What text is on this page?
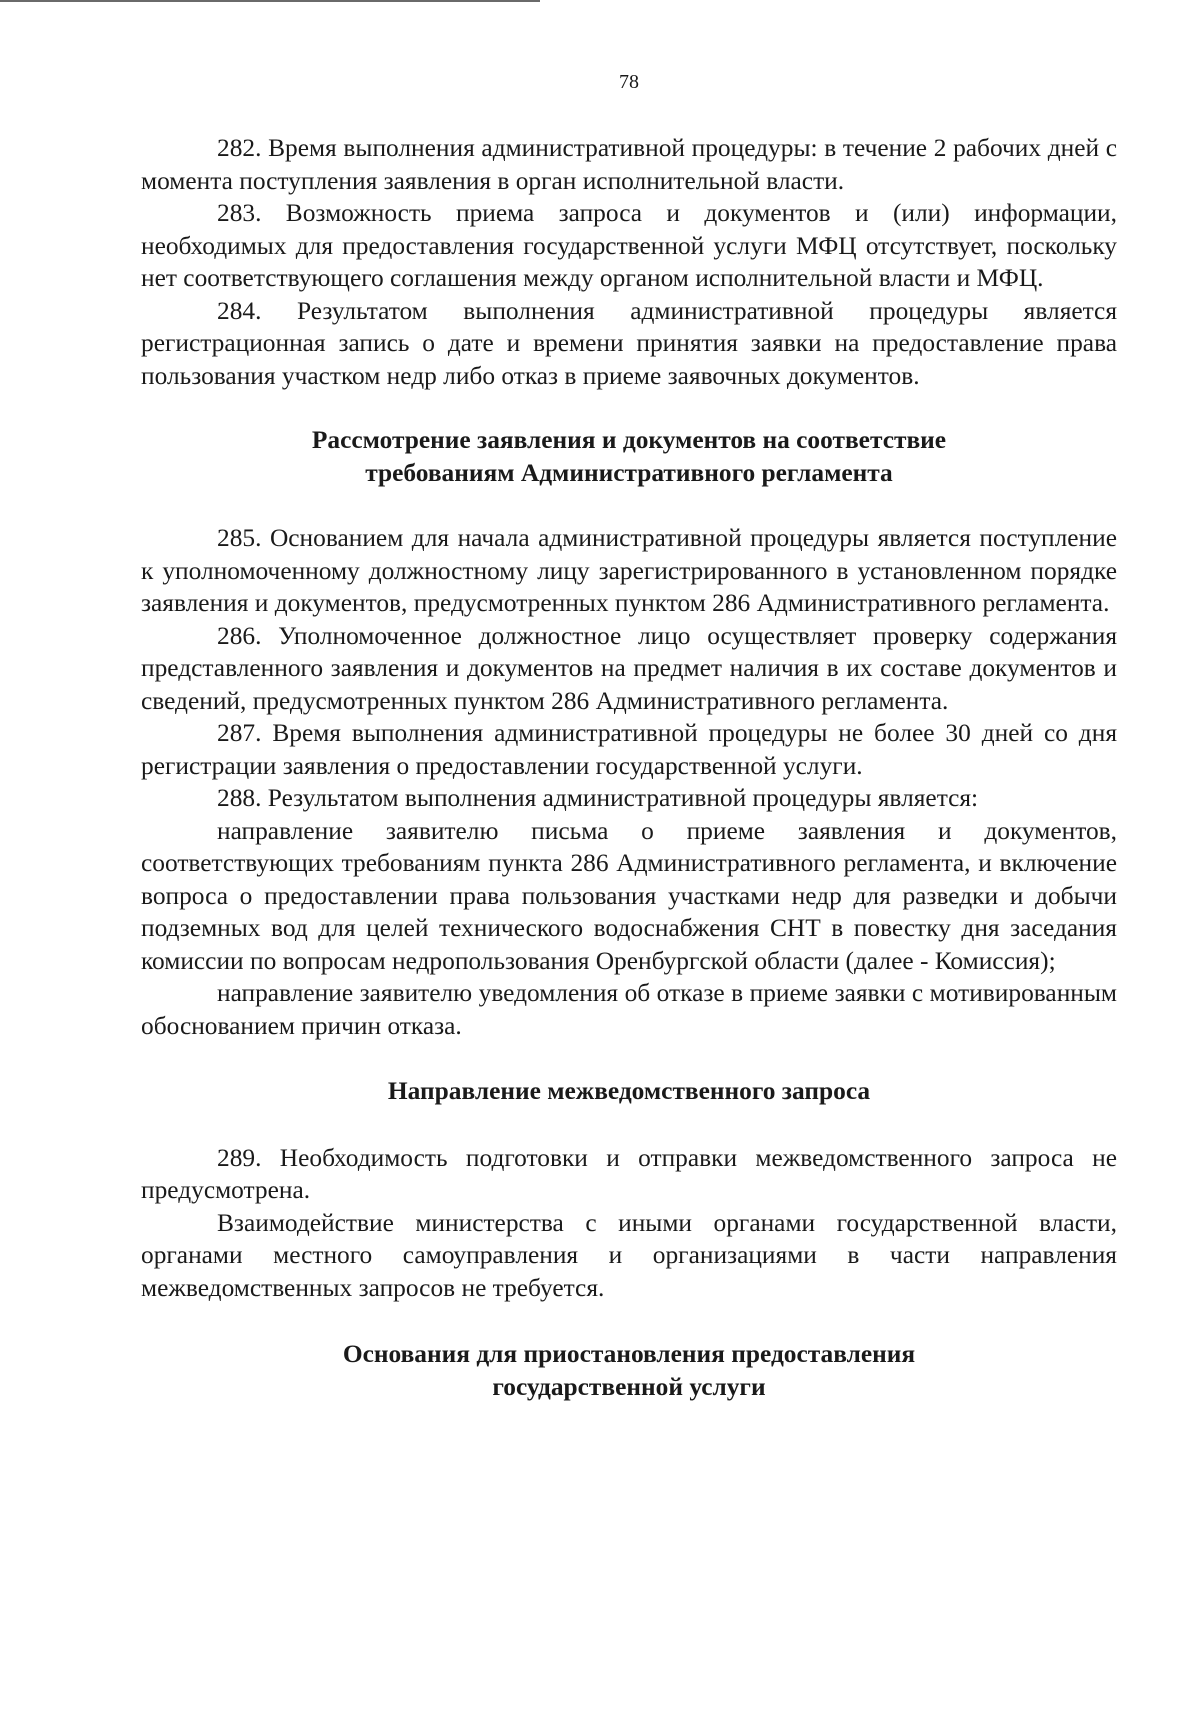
78

282. Время выполнения административной процедуры: в течение 2 рабочих дней с момента поступления заявления в орган исполнительной власти.

283. Возможность приема запроса и документов и (или) информации, необходимых для предоставления государственной услуги МФЦ отсутствует, поскольку нет соответствующего соглашения между органом исполнительной власти и МФЦ.

284. Результатом выполнения административной процедуры является регистрационная запись о дате и времени принятия заявки на предоставление права пользования участком недр либо отказ в приеме заявочных документов.

Рассмотрение заявления и документов на соответствие
требованиям Административного регламента

285. Основанием для начала административной процедуры является поступление к уполномоченному должностному лицу зарегистрированного в установленном порядке заявления и документов, предусмотренных пунктом 286 Административного регламента.

286. Уполномоченное должностное лицо осуществляет проверку содержания представленного заявления и документов на предмет наличия в их составе документов и сведений, предусмотренных пунктом 286 Административного регламента.

287. Время выполнения административной процедуры не более 30 дней со дня регистрации заявления о предоставлении государственной услуги.

288. Результатом выполнения административной процедуры является:

направление заявителю письма о приеме заявления и документов, соответствующих требованиям пункта 286 Административного регламента, и включение вопроса о предоставлении права пользования участками недр для разведки и добычи подземных вод для целей технического водоснабжения СНТ в повестку дня заседания комиссии по вопросам недропользования Оренбургской области (далее - Комиссия);

направление заявителю уведомления об отказе в приеме заявки с мотивированным обоснованием причин отказа.

Направление межведомственного запроса

289. Необходимость подготовки и отправки межведомственного запроса не предусмотрена.

Взаимодействие министерства с иными органами государственной власти, органами местного самоуправления и организациями в части направления межведомственных запросов не требуется.

Основания для приостановления предоставления
государственной услуги
